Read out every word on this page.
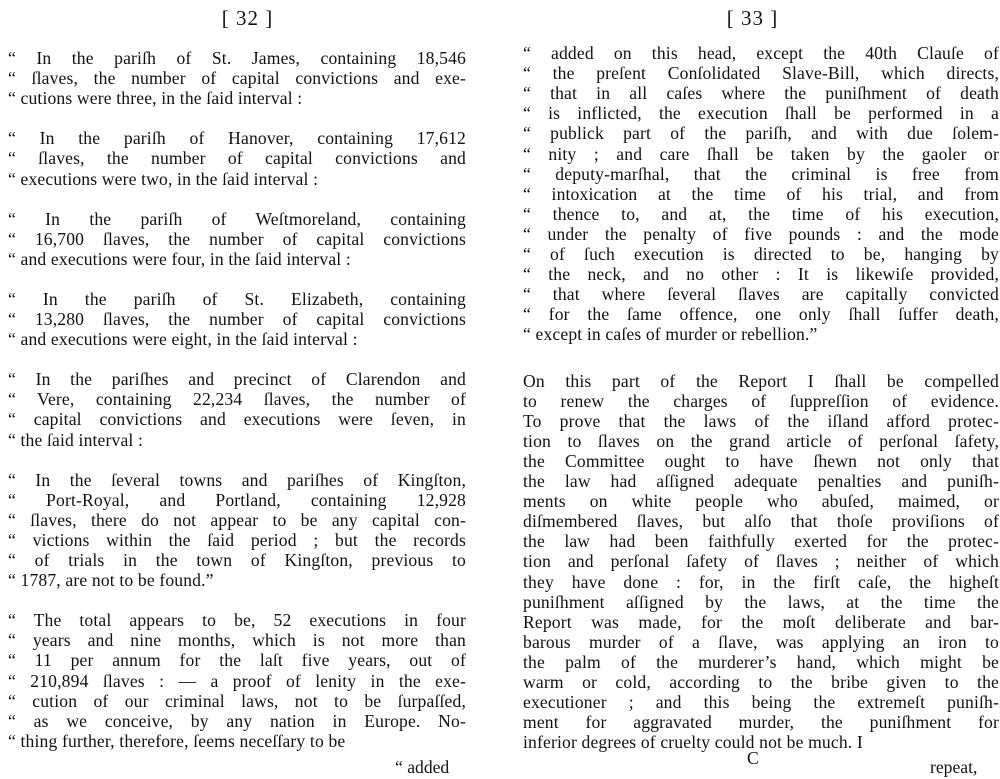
[ 32 ]
“ In the pariſh of St. James, containing 18,546
“ ſlaves, the number of capital convictions and exe-
“ cutions were three, in the ſaid interval :
“ In the pariſh of Hanover, containing 17,612
“ ſlaves, the number of capital convictions and
“ executions were two, in the ſaid interval :
“ In the pariſh of Weſtmoreland, containing
“ 16,700 ſlaves, the number of capital convictions
“ and executions were four, in the ſaid interval :
“ In the pariſh of St. Elizabeth, containing
“ 13,280 ſlaves, the number of capital convictions
“ and executions were eight, in the ſaid interval :
“ In the pariſhes and precinct of Clarendon and
“ Vere, containing 22,234 ſlaves, the number of
“ capital convictions and executions were ſeven, in
“ the ſaid interval :
“ In the ſeveral towns and pariſhes of Kingſton,
“ Port-Royal, and Portland, containing 12,928
“ ſlaves, there do not appear to be any capital con-
“ victions within the ſaid period ; but the records
“ of trials in the town of Kingſton, previous to
“ 1787, are not to be found.”
“ The total appears to be, 52 executions in four
“ years and nine months, which is not more than
“ 11 per annum for the laſt five years, out of
“ 210,894 ſlaves : — a proof of lenity in the exe-
“ cution of our criminal laws, not to be ſurpaſſed,
“ as we conceive, by any nation in Europe. No-
“ thing further, therefore, ſeems neceſſary to be
“ added
[ 33 ]
“ added on this head, except the 40th Clauſe of
“ the preſent Conſolidated Slave-Bill, which directs,
“ that in all caſes where the puniſhment of death
“ is inflicted, the execution ſhall be performed in a
“ publick part of the pariſh, and with due ſolem-
“ nity ; and care ſhall be taken by the gaoler or
“ deputy-marſhal, that the criminal is free from
“ intoxication at the time of his trial, and from
“ thence to, and at, the time of his execution,
“ under the penalty of five pounds : and the mode
“ of ſuch execution is directed to be, hanging by
“ the neck, and no other : It is likewiſe provided,
“ that where ſeveral ſlaves are capitally convicted
“ for the ſame offence, one only ſhall ſuffer death,
“ except in caſes of murder or rebellion.”
On this part of the Report I ſhall be compelled
to renew the charges of ſuppreſſion of evidence.
To prove that the laws of the iſland afford protec-
tion to ſlaves on the grand article of perſonal ſafety,
the Committee ought to have ſhewn not only that
the law had aſſigned adequate penalties and puniſh-
ments on white people who abuſed, maimed, or
diſmembered ſlaves, but alſo that thoſe proviſions of
the law had been faithfully exerted for the protec-
tion and perſonal ſafety of ſlaves ; neither of which
they have done : for, in the firſt caſe, the higheſt
puniſhment aſſigned by the laws, at the time the
Report was made, for the moſt deliberate and bar-
barous murder of a ſlave, was applying an iron to
the palm of the murderer’s hand, which might be
warm or cold, according to the bribe given to the
executioner ; and this being the extremeſt puniſh-
ment for aggravated murder, the puniſhment for
inferior degrees of cruelty could not be much. I
C	repeat,
